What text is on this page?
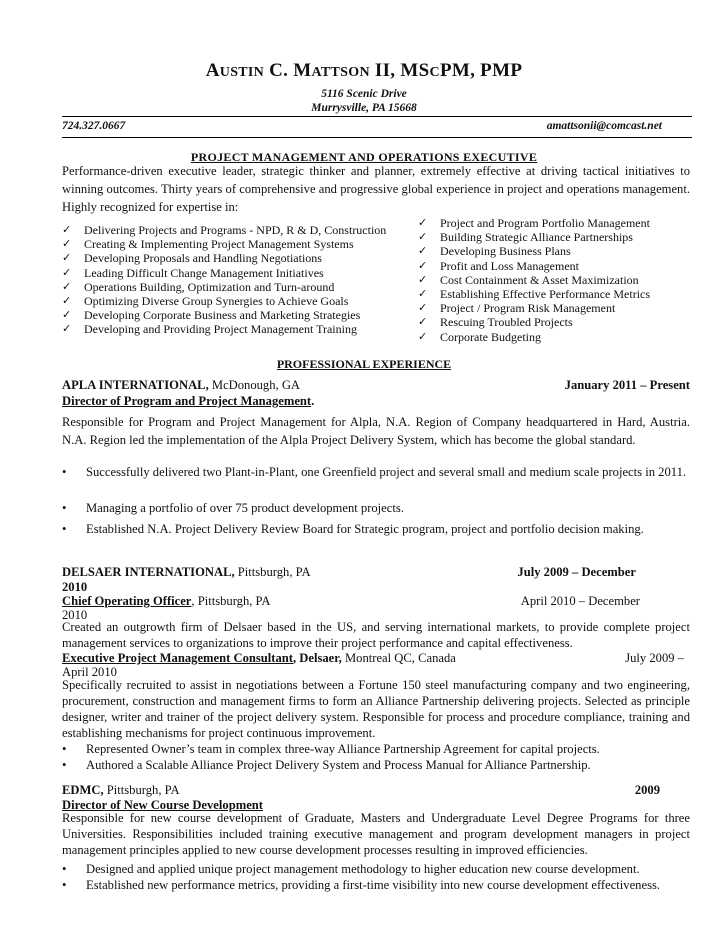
AUSTIN C. MATTSON II, MSCPM, PMP
5116 Scenic Drive
Murrysville, PA 15668
724.327.0667	amattsonii@comcast.net
PROJECT MANAGEMENT AND OPERATIONS EXECUTIVE
Performance-driven executive leader, strategic thinker and planner, extremely effective at driving tactical initiatives to winning outcomes. Thirty years of comprehensive and progressive global experience in project and operations management. Highly recognized for expertise in:
✓ Delivering Projects and Programs - NPD, R & D, Construction
✓ Creating & Implementing Project Management Systems
✓ Developing Proposals and Handling Negotiations
✓ Leading Difficult Change Management Initiatives
✓ Operations Building, Optimization and Turn-around
✓ Optimizing Diverse Group Synergies to Achieve Goals
✓ Developing Corporate Business and Marketing Strategies
✓ Developing and Providing Project Management Training
✓ Project and Program Portfolio Management
✓ Building Strategic Alliance Partnerships
✓ Developing Business Plans
✓ Profit and Loss Management
✓ Cost Containment & Asset Maximization
✓ Establishing Effective Performance Metrics
✓ Project / Program Risk Management
✓ Rescuing Troubled Projects
✓ Corporate Budgeting
PROFESSIONAL EXPERIENCE
APLA INTERNATIONAL, McDonough, GA	January 2011 – Present
Director of Program and Project Management.
Responsible for Program and Project Management for Alpla, N.A. Region of Company headquartered in Hard, Austria. N.A. Region led the implementation of the Alpla Project Delivery System, which has become the global standard.
• Successfully delivered two Plant-in-Plant, one Greenfield project and several small and medium scale projects in 2011.
• Managing a portfolio of over 75 product development projects.
• Established N.A. Project Delivery Review Board for Strategic program, project and portfolio decision making.
DELSAER INTERNATIONAL, Pittsburgh, PA	July 2009 – December
2010
Chief Operating Officer, Pittsburgh, PA	April 2010 – December
2010
Created an outgrowth firm of Delsaer based in the US, and serving international markets, to provide complete project management services to organizations to improve their project performance and capital effectiveness.
Executive Project Management Consultant, Delsaer, Montreal QC, Canada	July 2009 –
April 2010
Specifically recruited to assist in negotiations between a Fortune 150 steel manufacturing company and two engineering, procurement, construction and management firms to form an Alliance Partnership delivering projects. Selected as principle designer, writer and trainer of the project delivery system. Responsible for process and procedure compliance, training and establishing mechanisms for project continuous improvement.
• Represented Owner’s team in complex three-way Alliance Partnership Agreement for capital projects.
• Authored a Scalable Alliance Project Delivery System and Process Manual for Alliance Partnership.
EDMC, Pittsburgh, PA	2009
Director of New Course Development
Responsible for new course development of Graduate, Masters and Undergraduate Level Degree Programs for three Universities. Responsibilities included training executive management and program development managers in project management principles applied to new course development processes resulting in improved efficiencies.
• Designed and applied unique project management methodology to higher education new course development.
• Established new performance metrics, providing a first-time visibility into new course development effectiveness.
